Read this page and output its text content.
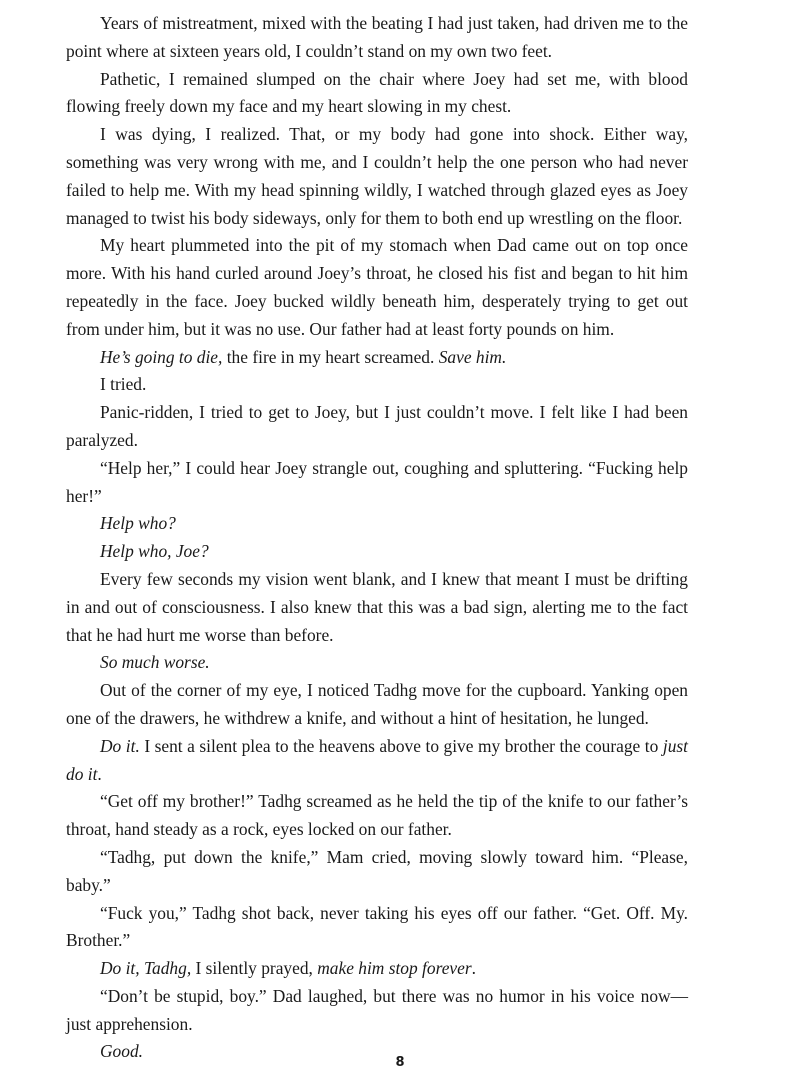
Years of mistreatment, mixed with the beating I had just taken, had driven me to the point where at sixteen years old, I couldn’t stand on my own two feet.

Pathetic, I remained slumped on the chair where Joey had set me, with blood flowing freely down my face and my heart slowing in my chest.

I was dying, I realized. That, or my body had gone into shock. Either way, something was very wrong with me, and I couldn’t help the one person who had never failed to help me. With my head spinning wildly, I watched through glazed eyes as Joey managed to twist his body sideways, only for them to both end up wrestling on the floor.

My heart plummeted into the pit of my stomach when Dad came out on top once more. With his hand curled around Joey’s throat, he closed his fist and began to hit him repeatedly in the face. Joey bucked wildly beneath him, desperately trying to get out from under him, but it was no use. Our father had at least forty pounds on him.

He’s going to die, the fire in my heart screamed. Save him.

I tried.

Panic-ridden, I tried to get to Joey, but I just couldn’t move. I felt like I had been paralyzed.

“Help her,” I could hear Joey strangle out, coughing and spluttering. “Fucking help her!”

Help who?

Help who, Joe?

Every few seconds my vision went blank, and I knew that meant I must be drifting in and out of consciousness. I also knew that this was a bad sign, alerting me to the fact that he had hurt me worse than before.

So much worse.

Out of the corner of my eye, I noticed Tadhg move for the cupboard. Yanking open one of the drawers, he withdrew a knife, and without a hint of hesitation, he lunged.

Do it. I sent a silent plea to the heavens above to give my brother the courage to just do it.

“Get off my brother!” Tadhg screamed as he held the tip of the knife to our father’s throat, hand steady as a rock, eyes locked on our father.

“Tadhg, put down the knife,” Mam cried, moving slowly toward him. “Please, baby.”

“Fuck you,” Tadhg shot back, never taking his eyes off our father. “Get. Off. My. Brother.”

Do it, Tadhg, I silently prayed, make him stop forever.

“Don’t be stupid, boy.” Dad laughed, but there was no humor in his voice now—just apprehension.

Good.

8
